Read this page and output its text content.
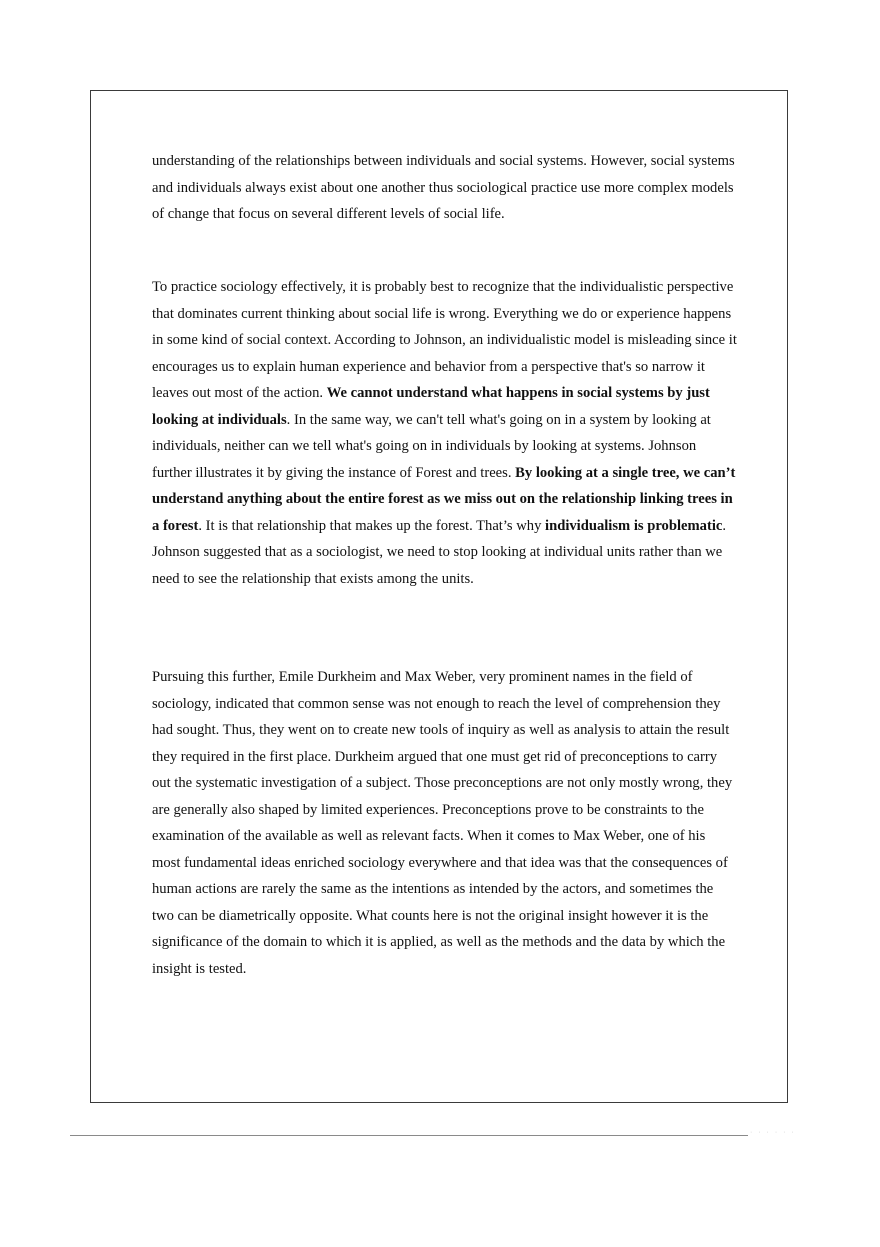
understanding of the relationships between individuals and social systems. However, social systems and individuals always exist about one another thus sociological practice use more complex models of change that focus on several different levels of social life.

To practice sociology effectively, it is probably best to recognize that the individualistic perspective that dominates current thinking about social life is wrong. Everything we do or experience happens in some kind of social context. According to Johnson, an individualistic model is misleading since it encourages us to explain human experience and behavior from a perspective that's so narrow it leaves out most of the action. We cannot understand what happens in social systems by just looking at individuals. In the same way, we can't tell what's going on in a system by looking at individuals, neither can we tell what's going on in individuals by looking at systems. Johnson further illustrates it by giving the instance of Forest and trees. By looking at a single tree, we can’t understand anything about the entire forest as we miss out on the relationship linking trees in a forest. It is that relationship that makes up the forest. That’s why individualism is problematic. Johnson suggested that as a sociologist, we need to stop looking at individual units rather than we need to see the relationship that exists among the units.

Pursuing this further, Emile Durkheim and Max Weber, very prominent names in the field of sociology, indicated that common sense was not enough to reach the level of comprehension they had sought. Thus, they went on to create new tools of inquiry as well as analysis to attain the result they required in the first place. Durkheim argued that one must get rid of preconceptions to carry out the systematic investigation of a subject. Those preconceptions are not only mostly wrong, they are generally also shaped by limited experiences. Preconceptions prove to be constraints to the examination of the available as well as relevant facts. When it comes to Max Weber, one of his most fundamental ideas enriched sociology everywhere and that idea was that the consequences of human actions are rarely the same as the intentions as intended by the actors, and sometimes the two can be diametrically opposite. What counts here is not the original insight however it is the significance of the domain to which it is applied, as well as the methods and the data by which the insight is tested.

· · · · · ·
